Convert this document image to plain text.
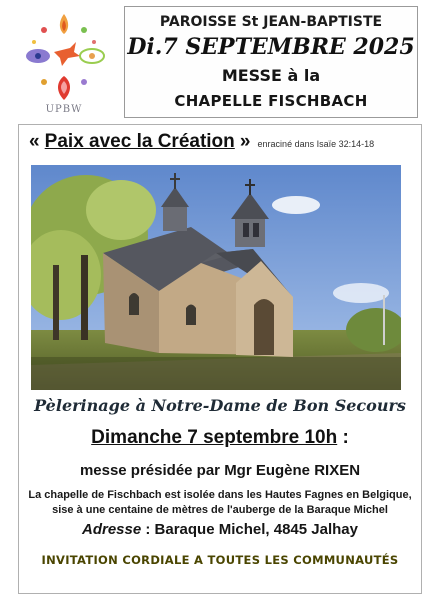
UPBW
PAROISSE St JEAN-BAPTISTE
Di.7 SEPTEMBRE 2025
MESSE à la
CHAPELLE FISCHBACH
« Paix avec la Création » enraciné dans Isaïe 32:14-18
Pèlerinage à Notre-Dame de Bon Secours
Dimanche 7 septembre 10h :
messe présidée par Mgr Eugène RIXEN
La chapelle de Fischbach est isolée dans les Hautes Fagnes en Belgique,
sise à une centaine de mètres de l'auberge de la Baraque Michel
Adresse : Baraque Michel, 4845 Jalhay
INVITATION CORDIALE A TOUTES LES COMMUNAUTÉS
